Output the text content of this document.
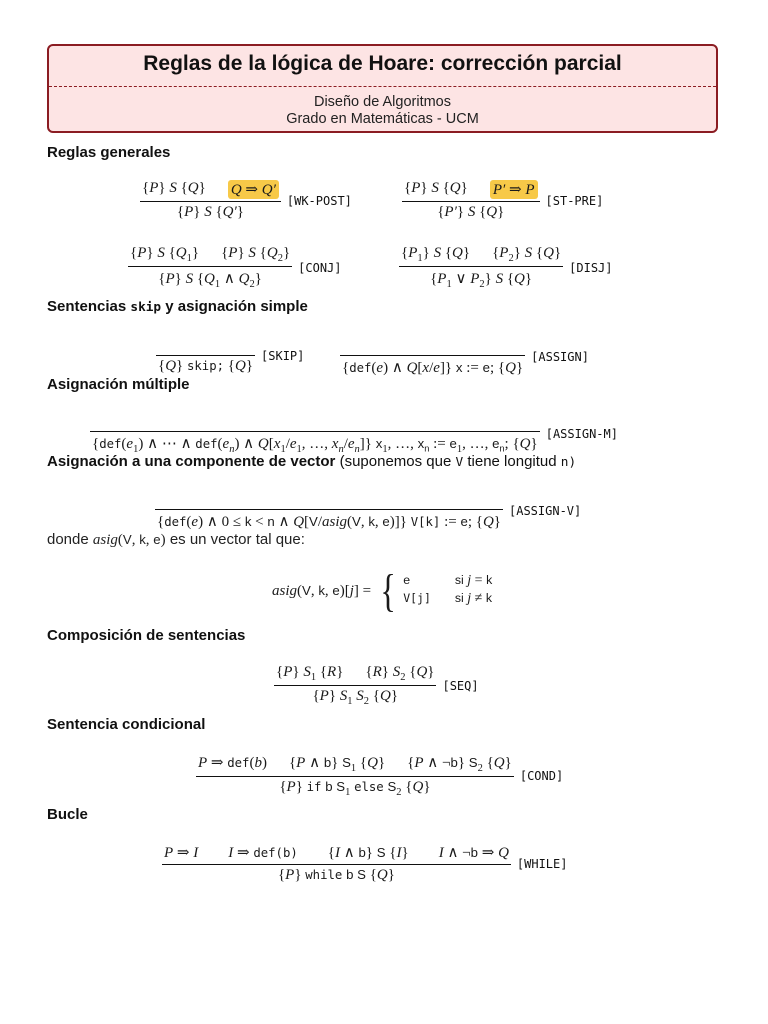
Reglas de la lógica de Hoare: corrección parcial
Diseño de Algoritmos
Grado en Matemáticas - UCM
Reglas generales
$\frac{\{P\} S \{Q\} Q \Rightarrow Q'}{\{P\} S \{Q'\}}$ [WK-POST]	$\frac{\{P\} S \{Q\} P' \Rightarrow P}{\{P'\} S \{Q\}} [ST-PRE]$
$\frac{\{P\} S \{Q_1\} \{P\} S \{Q_2\}}{\{P\} S \{Q_1 \wedge Q_2\}}$ [CONJ]	$\frac{\{P_1\} S \{Q\} \{P_2\} S \{Q\}}{\{P_1 \vee P_2\} S \{Q\}}$ [DISJ]
Sentencias skip y asignación simple
{Q} skip; {Q}
[SKIP]
{def(e) ∧ Q[x/e]} x := e; {Q}
[ASSIGN]
Asignación múltiple
{$def(e_1)$ ∧ ⋯ ∧ $def(e_n)$ ∧ $Q[x_1/e_1$, …, $x_n/e_n$]} $x_1$, …, $x_n$ := $e_1$, …, $e_n$; {Q}
[ASSIGN-M]
Asignación a una componente de vector (suponemos que V tiene longitud n)
{def(e) ∧ 0 ≤ k < n ∧ Q[V/asig(V, k, e)]} V[k] := e; {Q}
[ASSIGN-V]
donde asig(V, k, e) es un vector tal que:
asig(V, k, e)[j] = { e	si j = k
V[j]	si j ≠ k
Composición de sentencias
$\frac{\{P\} S_1 \{R\} \{R\} S_2 \{Q\}}{\{P\} S_1 S_2 \{Q\}} [SEQ]$
Sentencia condicional
$\frac{P \Rightarrow def(b) \{P \wedge b\} S_1 \{Q\} \{P \wedge \neg b\} S_2 \{Q\}}{\{P\} if b S_1 else S_2 \{Q\}}$ [COND]
Bucle
$\frac{\text{P ⇒ I I ⇒ def(b) \{I ∧ b\} S \{I\} I ∧ ¬b ⇒ Q}}{\text{\{P\} while b S \{Q\}}}$ [WHILE]
